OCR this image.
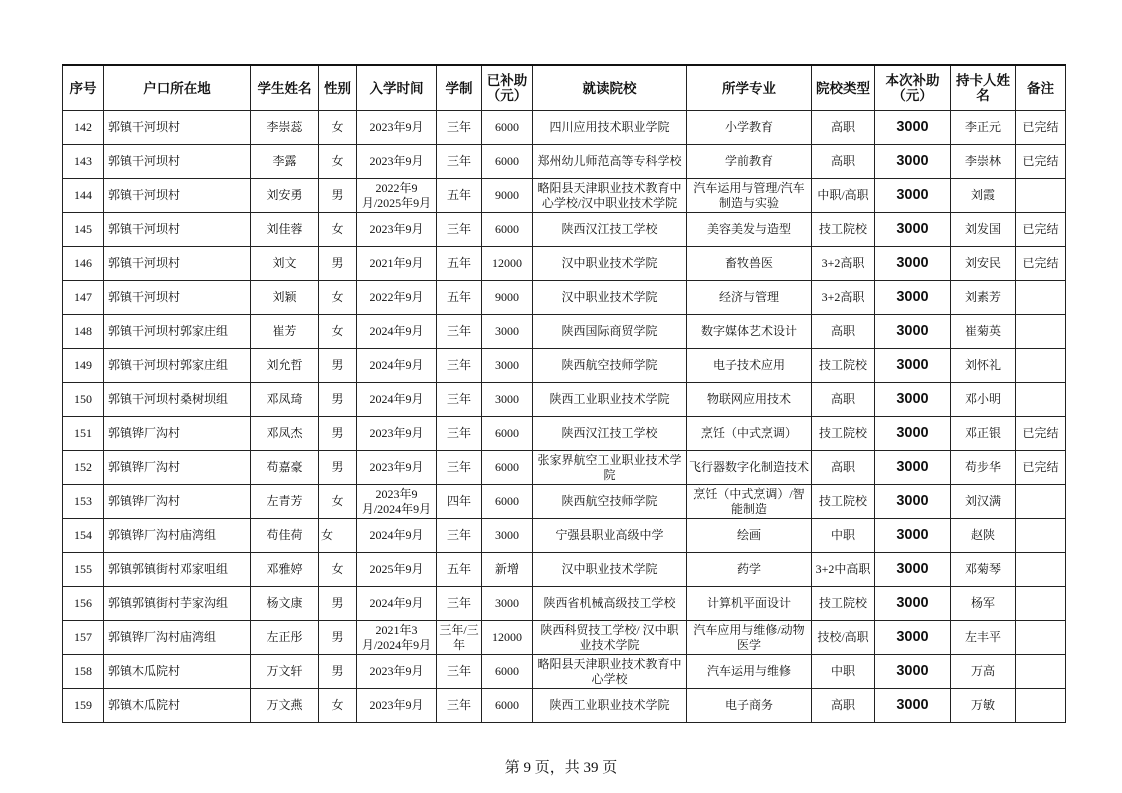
序号	户口所在地	学生姓名	性别	入学时间	学制	已补助（元）	就读院校	所学专业	院校类型	本次补助（元）	持卡人姓名	备注
142	郭镇干河坝村	李崇蕊	女	2023年9月	三年	6000	四川应用技术职业学院	小学教育	高职	3000	李正元	已完结
143	郭镇干河坝村	李露	女	2023年9月	三年	6000	郑州幼儿师范高等专科学校	学前教育	高职	3000	李崇林	已完结
144	郭镇干河坝村	刘安勇	男	2022年9月/2025年9月	五年	9000	略阳县天津职业技术教育中心学校/汉中职业技术学院	汽车运用与管理/汽车制造与实验	中职/高职	3000	刘霞	
145	郭镇干河坝村	刘佳蓉	女	2023年9月	三年	6000	陕西汉江技工学校	美容美发与造型	技工院校	3000	刘发国	已完结
146	郭镇干河坝村	刘文	男	2021年9月	五年	12000	汉中职业技术学院	畜牧兽医	3+2高职	3000	刘安民	已完结
147	郭镇干河坝村	刘颖	女	2022年9月	五年	9000	汉中职业技术学院	经济与管理	3+2高职	3000	刘素芳	
148	郭镇干河坝村郭家庄组	崔芳	女	2024年9月	三年	3000	陕西国际商贸学院	数字媒体艺术设计	高职	3000	崔菊英	
149	郭镇干河坝村郭家庄组	刘允哲	男	2024年9月	三年	3000	陕西航空技师学院	电子技术应用	技工院校	3000	刘怀礼	
150	郭镇干河坝村桑树坝组	邓凤琦	男	2024年9月	三年	3000	陕西工业职业技术学院	物联网应用技术	高职	3000	邓小明	
151	郭镇铧厂沟村	邓凤杰	男	2023年9月	三年	6000	陕西汉江技工学校	烹饪（中式烹调）	技工院校	3000	邓正银	已完结
152	郭镇铧厂沟村	苟嘉豪	男	2023年9月	三年	6000	张家界航空工业职业技术学院	飞行器数字化制造技术	高职	3000	苟步华	已完结
153	郭镇铧厂沟村	左青芳	女	2023年9月/2024年9月	四年	6000	陕西航空技师学院	烹饪（中式烹调）/智能制造	技工院校	3000	刘汉满	
154	郭镇铧厂沟村庙湾组	苟佳荷	女	2024年9月	三年	3000	宁强县职业高级中学	绘画	中职	3000	赵陕	
155	郭镇郭镇街村邓家咀组	邓雅婷	女	2025年9月	五年	新增	汉中职业技术学院	药学	3+2中高职	3000	邓菊琴	
156	郭镇郭镇街村芋家沟组	杨文康	男	2024年9月	三年	3000	陕西省机械高级技工学校	计算机平面设计	技工院校	3000	杨军	
157	郭镇铧厂沟村庙湾组	左正彤	男	2021年3月/2024年9月	三年/三年	12000	陕西科贸技工学校/ 汉中职业技术学院	汽车应用与维修/动物医学	技校/高职	3000	左丰平	
158	郭镇木瓜院村	万文轩	男	2023年9月	三年	6000	略阳县天津职业技术教育中心学校	汽车运用与维修	中职	3000	万高	
159	郭镇木瓜院村	万文燕	女	2023年9月	三年	6000	陕西工业职业技术学院	电子商务	高职	3000	万敏	
第 9 页，共 39 页
